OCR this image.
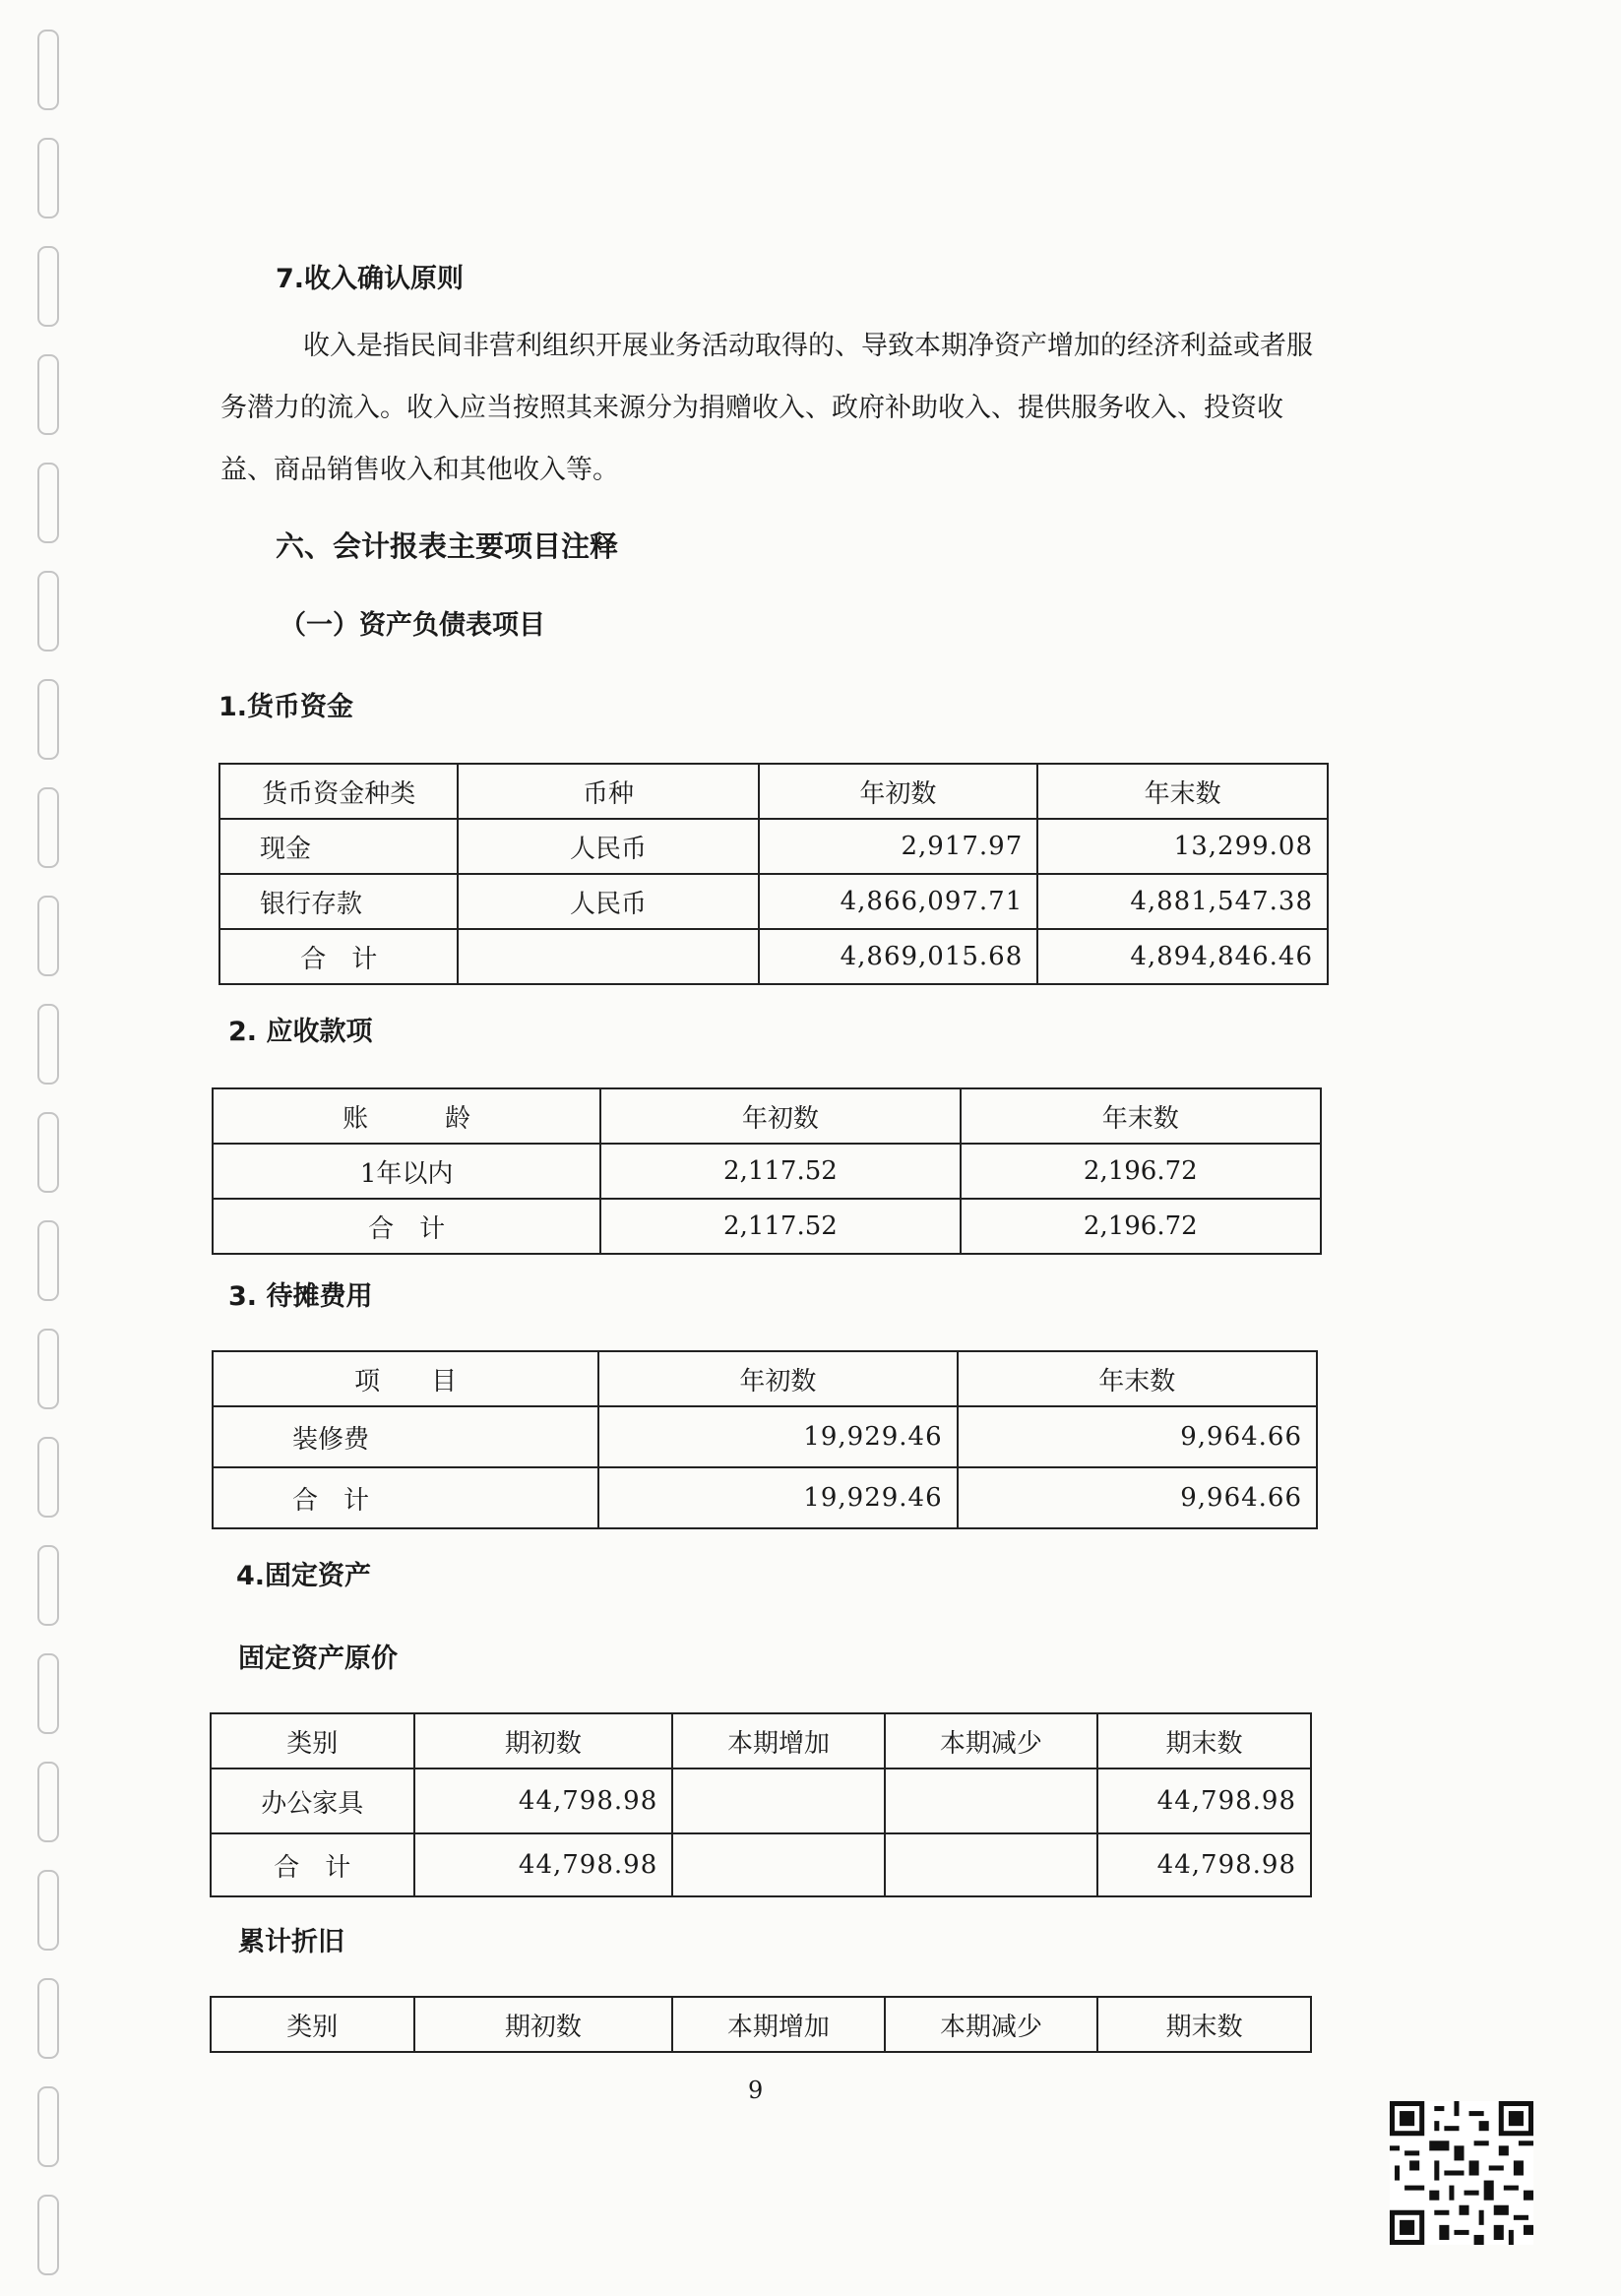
7.收入确认原则
收入是指民间非营利组织开展业务活动取得的、导致本期净资产增加的经济利益或者服务潜力的流入。收入应当按照其来源分为捐赠收入、政府补助收入、提供服务收入、投资收益、商品销售收入和其他收入等。
六、会计报表主要项目注释
（一）资产负债表项目
1.货币资金
货币资金种类	币种	年初数	年末数
现金	人民币	2,917.97	13,299.08
银行存款	人民币	4,866,097.71	4,881,547.38
合　计		4,869,015.68	4,894,846.46
2. 应收款项
账　　　龄	年初数	年末数
1年以内	2,117.52	2,196.72
合　计	2,117.52	2,196.72
3. 待摊费用
项　　目	年初数	年末数
装修费	19,929.46	9,964.66
合　计	19,929.46	9,964.66
4.固定资产
固定资产原价
类别	期初数	本期增加	本期减少	期末数
办公家具	44,798.98			44,798.98
合　计	44,798.98			44,798.98
累计折旧
类别	期初数	本期增加	本期减少	期末数
9
